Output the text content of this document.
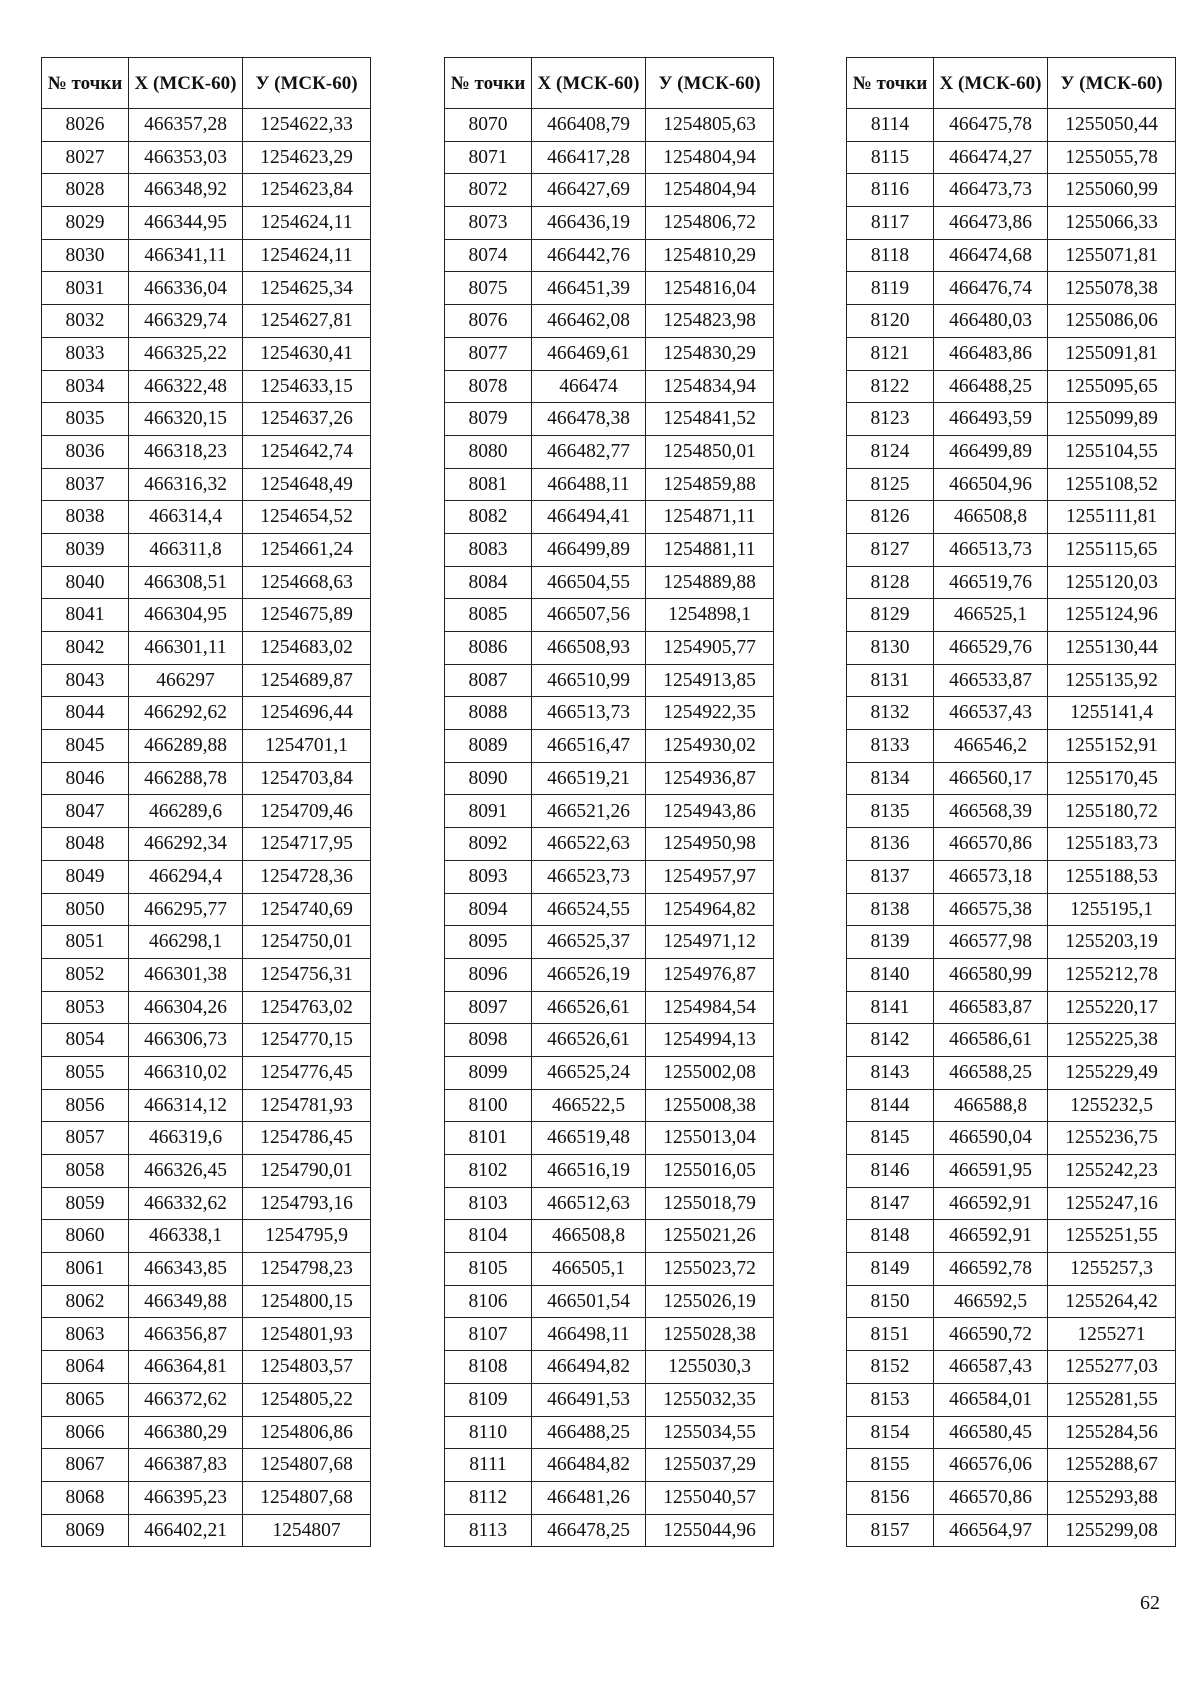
№ точки	X (МСК-60)	У (МСК-60)
8026	466357,28	1254622,33
8027	466353,03	1254623,29
8028	466348,92	1254623,84
8029	466344,95	1254624,11
8030	466341,11	1254624,11
8031	466336,04	1254625,34
8032	466329,74	1254627,81
8033	466325,22	1254630,41
8034	466322,48	1254633,15
8035	466320,15	1254637,26
8036	466318,23	1254642,74
8037	466316,32	1254648,49
8038	466314,4	1254654,52
8039	466311,8	1254661,24
8040	466308,51	1254668,63
8041	466304,95	1254675,89
8042	466301,11	1254683,02
8043	466297	1254689,87
8044	466292,62	1254696,44
8045	466289,88	1254701,1
8046	466288,78	1254703,84
8047	466289,6	1254709,46
8048	466292,34	1254717,95
8049	466294,4	1254728,36
8050	466295,77	1254740,69
8051	466298,1	1254750,01
8052	466301,38	1254756,31
8053	466304,26	1254763,02
8054	466306,73	1254770,15
8055	466310,02	1254776,45
8056	466314,12	1254781,93
8057	466319,6	1254786,45
8058	466326,45	1254790,01
8059	466332,62	1254793,16
8060	466338,1	1254795,9
8061	466343,85	1254798,23
8062	466349,88	1254800,15
8063	466356,87	1254801,93
8064	466364,81	1254803,57
8065	466372,62	1254805,22
8066	466380,29	1254806,86
8067	466387,83	1254807,68
8068	466395,23	1254807,68
8069	466402,21	1254807
№ точки	X (МСК-60)	У (МСК-60)
8070	466408,79	1254805,63
8071	466417,28	1254804,94
8072	466427,69	1254804,94
8073	466436,19	1254806,72
8074	466442,76	1254810,29
8075	466451,39	1254816,04
8076	466462,08	1254823,98
8077	466469,61	1254830,29
8078	466474	1254834,94
8079	466478,38	1254841,52
8080	466482,77	1254850,01
8081	466488,11	1254859,88
8082	466494,41	1254871,11
8083	466499,89	1254881,11
8084	466504,55	1254889,88
8085	466507,56	1254898,1
8086	466508,93	1254905,77
8087	466510,99	1254913,85
8088	466513,73	1254922,35
8089	466516,47	1254930,02
8090	466519,21	1254936,87
8091	466521,26	1254943,86
8092	466522,63	1254950,98
8093	466523,73	1254957,97
8094	466524,55	1254964,82
8095	466525,37	1254971,12
8096	466526,19	1254976,87
8097	466526,61	1254984,54
8098	466526,61	1254994,13
8099	466525,24	1255002,08
8100	466522,5	1255008,38
8101	466519,48	1255013,04
8102	466516,19	1255016,05
8103	466512,63	1255018,79
8104	466508,8	1255021,26
8105	466505,1	1255023,72
8106	466501,54	1255026,19
8107	466498,11	1255028,38
8108	466494,82	1255030,3
8109	466491,53	1255032,35
8110	466488,25	1255034,55
8111	466484,82	1255037,29
8112	466481,26	1255040,57
8113	466478,25	1255044,96
№ точки	X (МСК-60)	У (МСК-60)
8114	466475,78	1255050,44
8115	466474,27	1255055,78
8116	466473,73	1255060,99
8117	466473,86	1255066,33
8118	466474,68	1255071,81
8119	466476,74	1255078,38
8120	466480,03	1255086,06
8121	466483,86	1255091,81
8122	466488,25	1255095,65
8123	466493,59	1255099,89
8124	466499,89	1255104,55
8125	466504,96	1255108,52
8126	466508,8	1255111,81
8127	466513,73	1255115,65
8128	466519,76	1255120,03
8129	466525,1	1255124,96
8130	466529,76	1255130,44
8131	466533,87	1255135,92
8132	466537,43	1255141,4
8133	466546,2	1255152,91
8134	466560,17	1255170,45
8135	466568,39	1255180,72
8136	466570,86	1255183,73
8137	466573,18	1255188,53
8138	466575,38	1255195,1
8139	466577,98	1255203,19
8140	466580,99	1255212,78
8141	466583,87	1255220,17
8142	466586,61	1255225,38
8143	466588,25	1255229,49
8144	466588,8	1255232,5
8145	466590,04	1255236,75
8146	466591,95	1255242,23
8147	466592,91	1255247,16
8148	466592,91	1255251,55
8149	466592,78	1255257,3
8150	466592,5	1255264,42
8151	466590,72	1255271
8152	466587,43	1255277,03
8153	466584,01	1255281,55
8154	466580,45	1255284,56
8155	466576,06	1255288,67
8156	466570,86	1255293,88
8157	466564,97	1255299,08
62
